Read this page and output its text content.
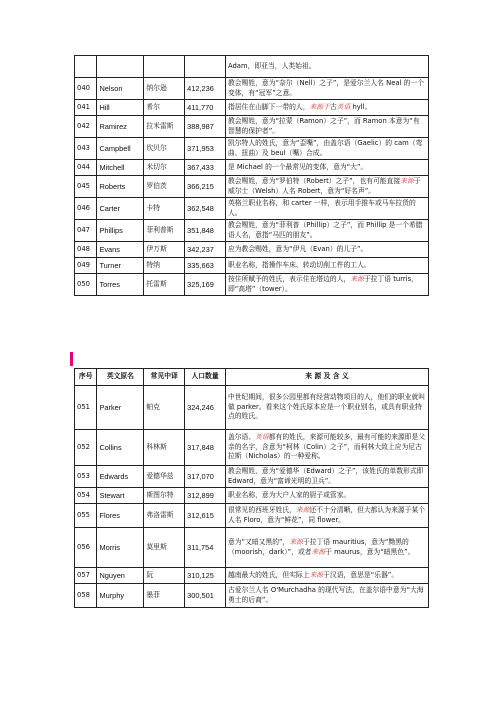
				Adam，即亚当，人类始祖。
040	Nelson	纳尔逊	412,236	教会赐姓，意为“奈尔（Nell）之子”，是爱尔兰人名 Neal 的一个变体，有“冠军”之意。
041	Hill	希尔	411,770	指居住在山脚下一带的人，来源于古英语 hyll。
042	Ramirez	拉米雷斯	388,987	教会赐姓，意为“拉蒙（Ramon）之子”，而 Ramon 本意为“有智慧的保护者”。
043	Campbell	坎贝尔	371,953	凯尔特人的姓氏，意为“歪嘴”，由盖尔语（Gaelic）的 cam（弯曲、扭曲）及 beul（嘴）合成。
044	Mitchell	米切尔	367,433	是 Michael 的一个最常见的变体，意为“大”。
045	Roberts	罗伯茨	366,215	教会赐姓，意为“罗伯特（Robert）之子”，也有可能直接来源于威尔士（Welsh）人名 Robert，意为“好名声”。
046	Carter	卡特	362,548	英格兰职业名称，和 carter 一样，表示用手推车或马车拉货的人。
047	Phillips	菲利普斯	351,848	教会赐姓，意为“菲利普（Phillip）之子”，而 Phillip 是一个希腊语人名，意指“马匹的朋友”。
048	Evans	伊万斯	342,237	应为教会赐姓，意为“伊凡（Evan）的儿子”。
049	Turner	特纳	335,663	职业名称，指操作车床、转动切削工件的工人。
050	Torres	托雷斯	325,169	按住所赋予的姓氏，表示住在塔边的人，来源于拉丁语 turris，即“高塔”（tower）。
序号	英文原名	常见中译	人口数量	来 源 及 含 义
051	Parker	帕克	324,246	中世纪期间，很多公园里都有经营动物项目的人，他们的职业就叫做 parker。看来这个姓氏原本应是一个职业别名，或具有职业特点的姓氏。
052	Collins	科林斯	317,848	盖尔语、英语都有的姓氏，来源可能较多，最有可能的来源即是父亲的名字，含意为“柯林（Colin）之子”，而柯林大致上应为尼古拉斯（Nicholas）的一种爱称。
053	Edwards	爱德华兹	317,070	教会赐姓，意为“爱德华（Edward）之子”，该姓氏的单数形式即 Edward，意为“富谛光明的卫兵”。
054	Stewart	斯图尔特	312,899	职业名称，意为大户人家的厨子或管家。
055	Flores	弗洛雷斯	312,615	很常见的西班牙姓氏，来源还不十分清晰，但大都认为来源于某个人名 Floro，意为“鲜花”，同 flower。
056	Morris	莫里斯	311,754	意为“又暗又黑的”，来源于拉丁语 mauritius，意为“黝黑的（moorish，dark）”，或者来源于 maurus，意为“暗黑色”。
057	Nguyen	阮	310,125	越南最大的姓氏，但实际上来源于汉语，意思是“乐器”。
058	Murphy	墨菲	300,501	古爱尔兰人名 O'Murchadha 的现代写法，在盖尔语中意为“大海勇士的后裔”。
